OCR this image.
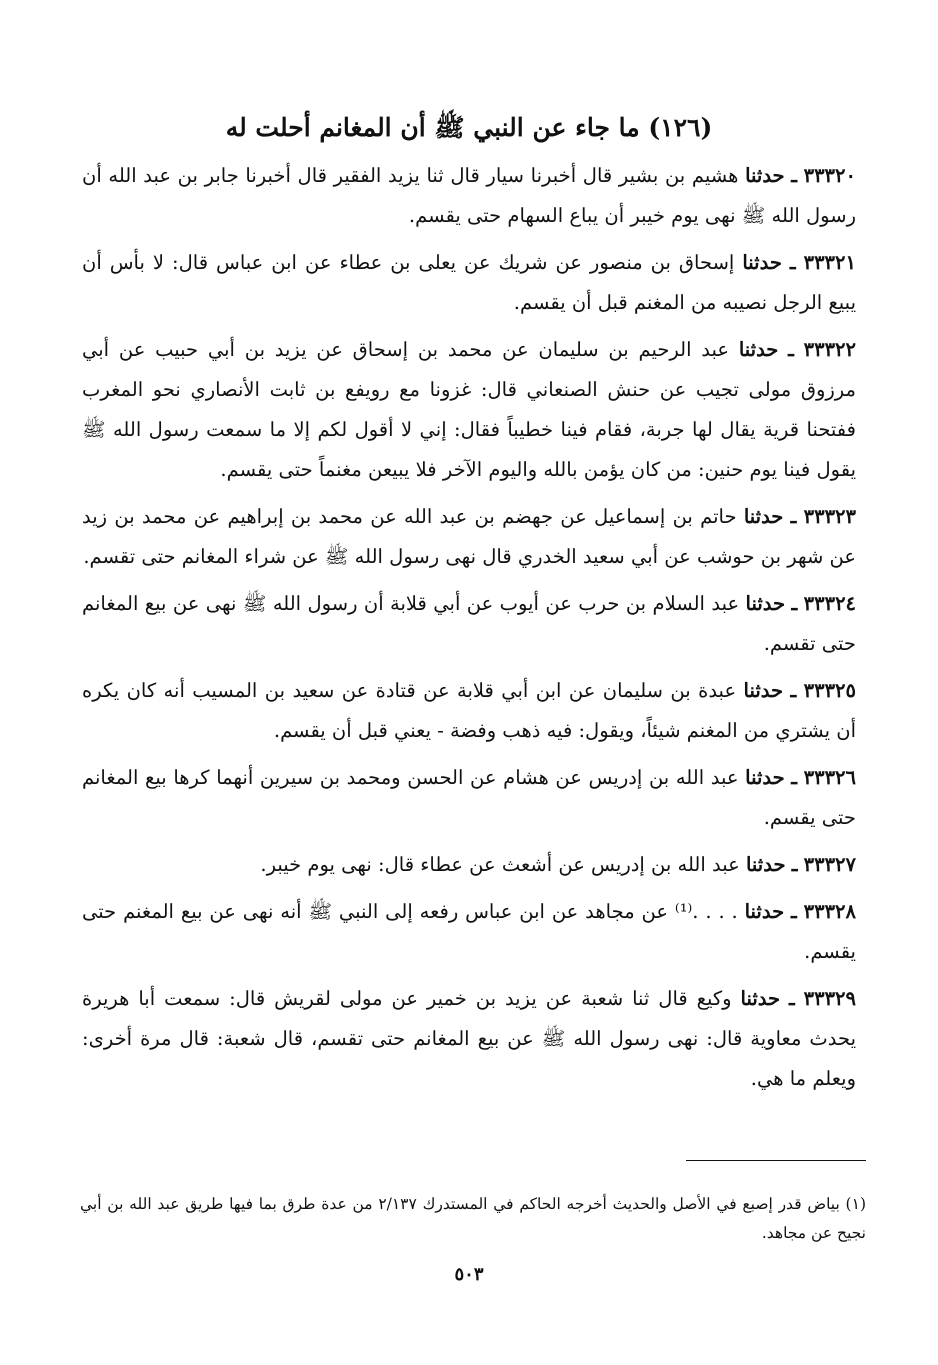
(١٢٦) ما جاء عن النبي ﷺ أن المغانم أحلت له

٣٣٣٢٠ ـ حدثنا هشيم بن بشير قال أخبرنا سيار قال ثنا يزيد الفقير قال أخبرنا جابر بن عبد الله أن رسول الله ﷺ نهى يوم خيبر أن يباع السهام حتى يقسم.

٣٣٣٢١ ـ حدثنا إسحاق بن منصور عن شريك عن يعلى بن عطاء عن ابن عباس قال: لا بأس أن يبيع الرجل نصيبه من المغنم قبل أن يقسم.

٣٣٣٢٢ ـ حدثنا عبد الرحيم بن سليمان عن محمد بن إسحاق عن يزيد بن أبي حبيب عن أبي مرزوق مولى تجيب عن حنش الصنعاني قال: غزونا مع رويفع بن ثابت الأنصاري نحو المغرب ففتحنا قرية يقال لها جربة، فقام فينا خطيباً فقال: إني لا أقول لكم إلا ما سمعت رسول الله ﷺ يقول فينا يوم حنين: من كان يؤمن بالله واليوم الآخر فلا يبيعن مغنماً حتى يقسم.

٣٣٣٢٣ ـ حدثنا حاتم بن إسماعيل عن جهضم بن عبد الله عن محمد بن إبراهيم عن محمد بن زيد عن شهر بن حوشب عن أبي سعيد الخدري قال نهى رسول الله ﷺ عن شراء المغانم حتى تقسم.

٣٣٣٢٤ ـ حدثنا عبد السلام بن حرب عن أيوب عن أبي قلابة أن رسول الله ﷺ نهى عن بيع المغانم حتى تقسم.

٣٣٣٢٥ ـ حدثنا عبدة بن سليمان عن ابن أبي قلابة عن قتادة عن سعيد بن المسيب أنه كان يكره أن يشتري من المغنم شيئاً، ويقول: فيه ذهب وفضة - يعني قبل أن يقسم.

٣٣٣٢٦ ـ حدثنا عبد الله بن إدريس عن هشام عن الحسن ومحمد بن سيرين أنهما كرها بيع المغانم حتى يقسم.

٣٣٣٢٧ ـ حدثنا عبد الله بن إدريس عن أشعث عن عطاء قال: نهى يوم خيبر.

٣٣٣٢٨ ـ حدثنا . . . .⁽¹⁾ عن مجاهد عن ابن عباس رفعه إلى النبي ﷺ أنه نهى عن بيع المغنم حتى يقسم.

٣٣٣٢٩ ـ حدثنا وكيع قال ثنا شعبة عن يزيد بن خمير عن مولى لقريش قال: سمعت أبا هريرة يحدث معاوية قال: نهى رسول الله ﷺ عن بيع المغانم حتى تقسم، قال شعبة: قال مرة أخرى: ويعلم ما هي.

(١) بياض قدر إصبع في الأصل والحديث أخرجه الحاكم في المستدرك ٢/١٣٧ من عدة طرق بما فيها طريق عبد الله بن أبي نجيح عن مجاهد.
٥٠٣
